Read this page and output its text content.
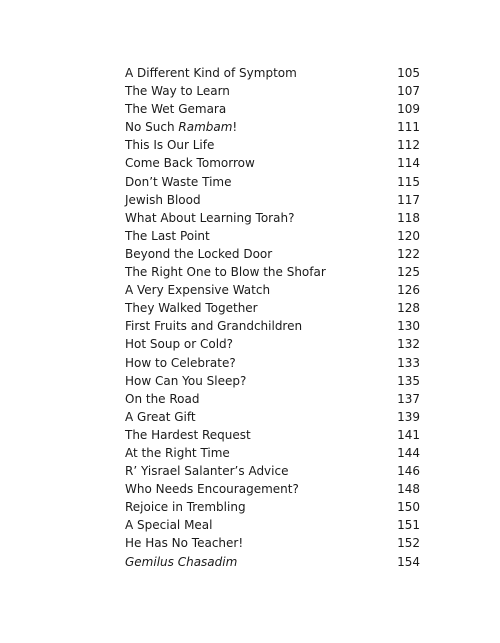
A Different Kind of Symptom	105
The Way to Learn	107
The Wet Gemara	109
No Such Rambam!	111
This Is Our Life	112
Come Back Tomorrow	114
Don’t Waste Time	115
Jewish Blood	117
What About Learning Torah?	118
The Last Point	120
Beyond the Locked Door	122
The Right One to Blow the Shofar	125
A Very Expensive Watch	126
They Walked Together	128
First Fruits and Grandchildren	130
Hot Soup or Cold?	132
How to Celebrate?	133
How Can You Sleep?	135
On the Road	137
A Great Gift	139
The Hardest Request	141
At the Right Time	144
R’ Yisrael Salanter’s Advice	146
Who Needs Encouragement?	148
Rejoice in Trembling	150
A Special Meal	151
He Has No Teacher!	152
Gemilus Chasadim	154
